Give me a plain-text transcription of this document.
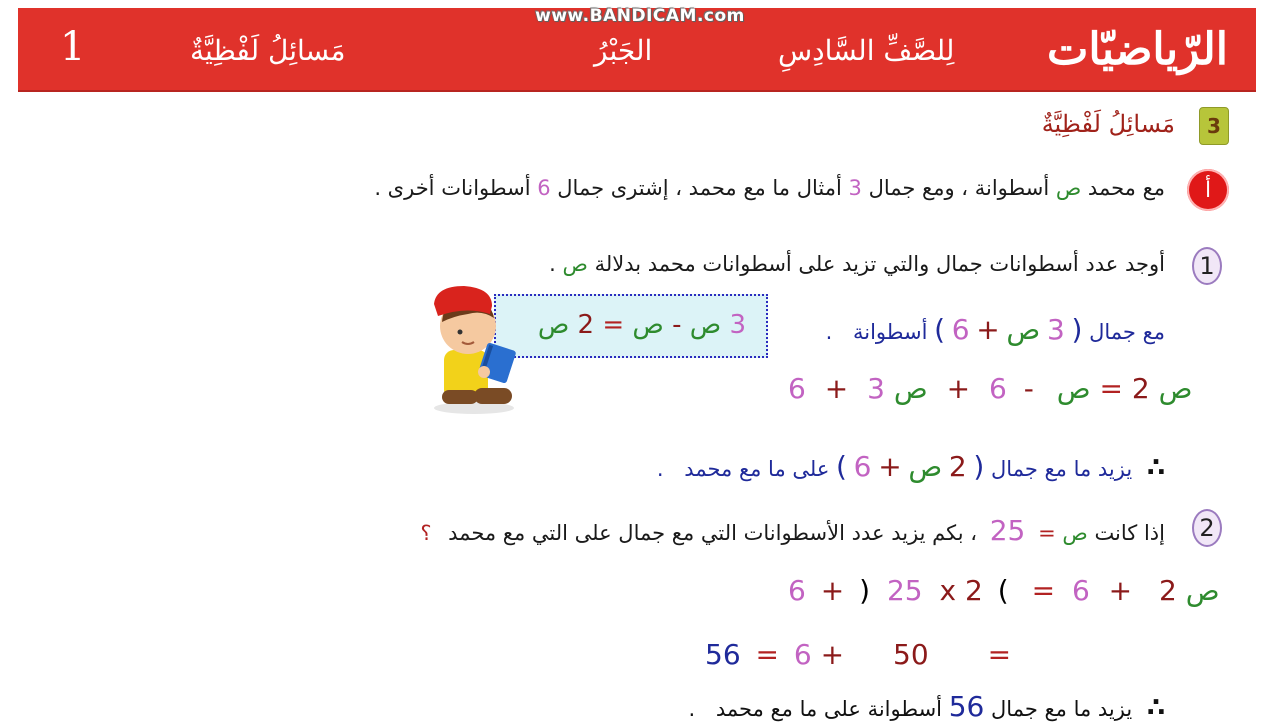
www.BANDICAM.com
الرّياضيّات
لِلصَّفِّ السَّادِسِ
الجَبْرُ
مَسائِلُ لَفْظِيَّةٌ
1
3
مَسائِلُ لَفْظِيَّةٌ
أ
مع محمد ص أسطوانة ، ومع جمال 3 أمثال ما مع محمد ، إشترى جمال 6 أسطوانات أخرى .
1
أوجد عدد أسطوانات جمال والتي تزيد على أسطوانات محمد بدلالة ص .
مع جمال ( 3 ص + 6 ) أسطوانة .
3 ص - ص = 2 ص
6 +	ص 2 = ص - 6 + ص 3
∴ يزيد ما مع جمال ( 2 ص + 6 ) على ما مع محمد .
2
إذا كانت ص = 25 ، بكم يزيد عدد الأسطوانات التي مع جمال على التي مع محمد ؟
6 + ) 25 x 2 ( = 6 + ص 2
56 = 6 + 50 =
∴ يزيد ما مع جمال 56 أسطوانة على ما مع محمد .
